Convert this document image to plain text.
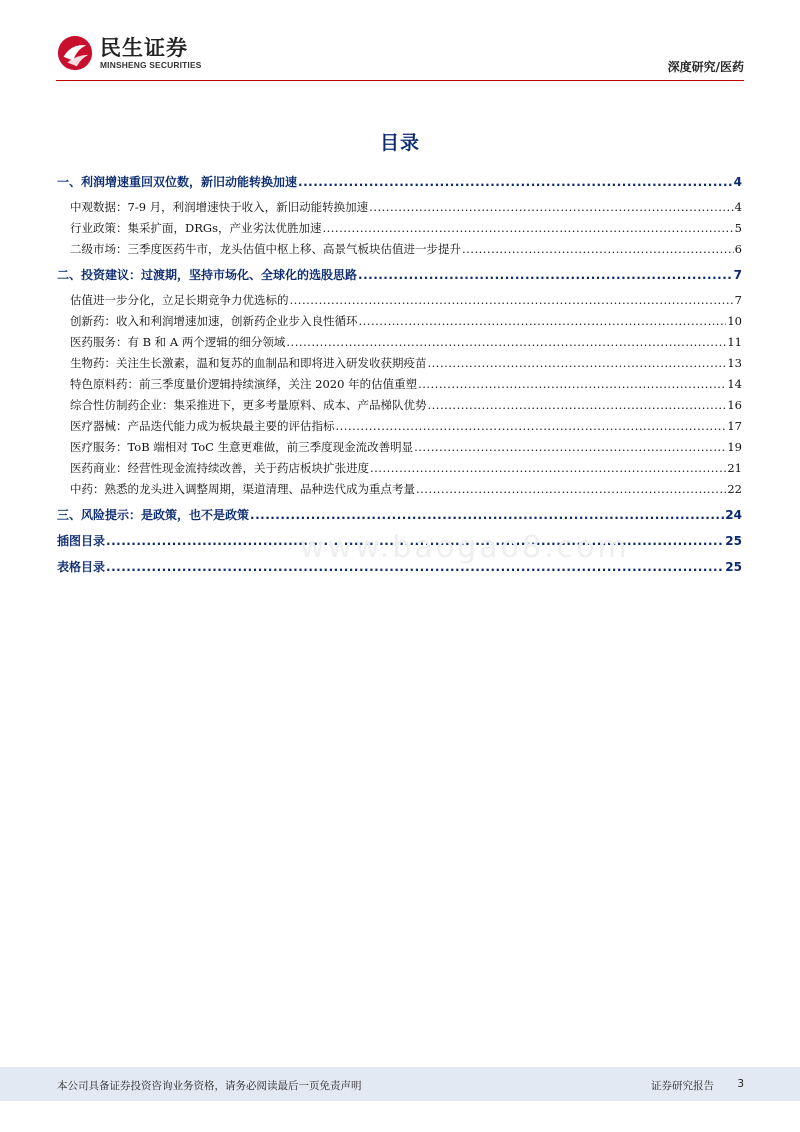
民生证券
MINSHENG SECURITIES	深度研究/医药
目录
一、利润增速重回双位数，新旧动能转换加速 .....	4
中观数据：7-9 月，利润增速快于收入，新旧动能转换加速 .....	4
行业政策：集采扩面，DRGs，产业劣汰优胜加速 .....	5
二级市场：三季度医药牛市，龙头估值中枢上移、高景气板块估值进一步提升 .....	6
二、投资建议：过渡期，坚持市场化、全球化的选股思路 .....	7
估值进一步分化，立足长期竞争力优选标的 .....	7
创新药：收入和利润增速加速，创新药企业步入良性循环 .....	10
医药服务：有 B 和 A 两个逻辑的细分领域 .....	11
生物药：关注生长激素，温和复苏的血制品和即将进入研发收获期疫苗 .....	13
特色原料药：前三季度量价逻辑持续演绎，关注 2020 年的估值重塑 .....	14
综合性仿制药企业：集采推进下，更多考量原料、成本、产品梯队优势 .....	16
医疗器械：产品迭代能力成为板块最主要的评估指标 .....	17
医疗服务：ToB 端相对 ToC 生意更难做，前三季度现金流改善明显 .....	19
医药商业：经营性现金流持续改善，关于药店板块扩张进度 .....	21
中药：熟悉的龙头进入调整周期，渠道清理、品种迭代成为重点考量 .....	22
三、风险提示：是政策，也不是政策 .....	24
插图目录 .....	25
表格目录 .....	25
www.baogao8.com
本公司具备证券投资咨询业务资格，请务必阅读最后一页免责声明	证券研究报告 3
